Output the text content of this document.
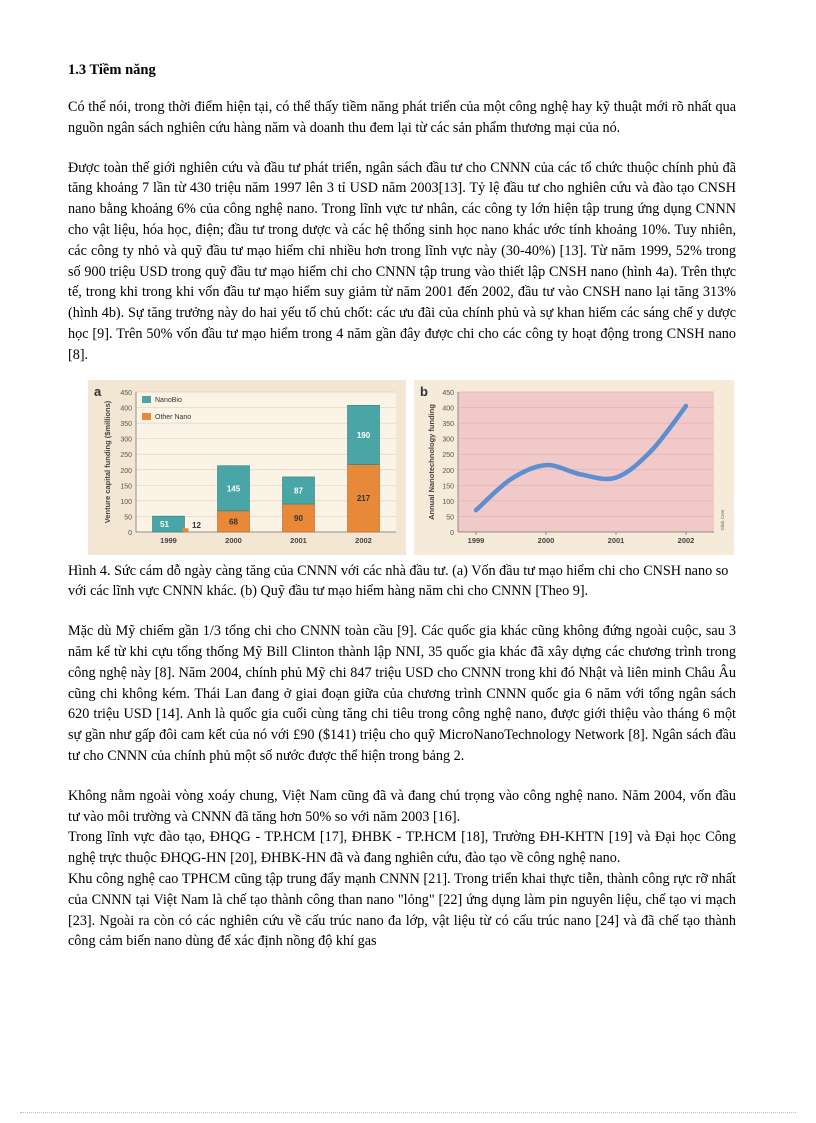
1.3 Tiềm năng

Có thể nói, trong thời điểm hiện tại, có thể thấy tiềm năng phát triển của một công nghệ hay kỹ thuật mới rõ nhất qua nguồn ngân sách nghiên cứu hàng năm và doanh thu đem lại từ các sản phẩm thương mại của nó.

Được toàn thế giới nghiên cứu và đầu tư phát triển, ngân sách đầu tư cho CNNN của các tổ chức thuộc chính phủ đã tăng khoảng 7 lần từ 430 triệu năm 1997 lên 3 tỉ USD năm 2003[13]. Tỷ lệ đầu tư cho nghiên cứu và đào tạo CNSH nano bằng khoảng 6% của công nghệ nano. Trong lĩnh vực tư nhân, các công ty lớn hiện tập trung ứng dụng CNNN cho vật liệu, hóa học, điện; đầu tư trong dược và các hệ thống sinh học nano khác ước tính khoảng 10%. Tuy nhiên, các công ty nhỏ và quỹ đầu tư mạo hiểm chi nhiều hơn trong lĩnh vực này (30-40%) [13]. Từ năm 1999, 52% trong số 900 triệu USD trong quỹ đầu tư mạo hiểm chi cho CNNN tập trung vào thiết lập CNSH nano (hình 4a). Trên thực tế, trong khi trong khi vốn đầu tư mạo hiểm suy giảm từ năm 2001 đến 2002, đầu tư vào CNSH nano lại tăng 313% (hình 4b). Sự tăng trưởng này do hai yếu tố chủ chốt: các ưu đãi của chính phủ và sự khan hiếm các sáng chế y dược học [9]. Trên 50% vốn đầu tư mạo hiểm trong 4 năm gần đây được chi cho các công ty hoạt động trong CNSH nano [8].

a
0
50
100
150
200
250
300
350
400
450
Venture capital funding ($millions)
51	12
1999
68
145
2000
90
87
2001
217
190
2002
NanoBio
Other Nano
b
0
50
100
150
200
250
300
350
400
450
Annual Nanotechnology funding
1999	2000	2001	2002
Glick Cree
Hình 4. Sức cám dỗ ngày càng tăng của CNNN với các nhà đầu tư. (a) Vốn đầu tư mạo hiểm chi cho CNSH nano so với các lĩnh vực CNNN khác. (b) Quỹ đầu tư mạo hiểm hàng năm chi cho CNNN [Theo 9].

Mặc dù Mỹ chiếm gần 1/3 tổng chi cho CNNN toàn cầu [9]. Các quốc gia khác cũng không đứng ngoài cuộc, sau 3 năm kể từ khi cựu tổng thống Mỹ Bill Clinton thành lập NNI, 35 quốc gia khác đã xây dựng các chương trình trong công nghệ này [8]. Năm 2004, chính phủ Mỹ chi 847 triệu USD cho CNNN trong khi đó Nhật và liên minh Châu Âu cũng chi không kém. Thái Lan đang ở giai đoạn giữa của chương trình CNNN quốc gia 6 năm với tổng ngân sách 620 triệu USD [14]. Anh là quốc gia cuối cùng tăng chi tiêu trong công nghệ nano, được giới thiệu vào tháng 6 một sự gần như gấp đôi cam kết của nó với £90 ($141) triệu cho quỹ MicroNanoTechnology Network [8]. Ngân sách đầu tư cho CNNN của chính phủ một số nước được thể hiện trong bảng 2.

Không nằm ngoài vòng xoáy chung, Việt Nam cũng đã và đang chú trọng vào công nghệ nano. Năm 2004, vốn đầu tư vào môi trường và CNNN đã tăng hơn 50% so với năm 2003 [16].

Trong lĩnh vực đào tạo, ĐHQG - TP.HCM [17], ĐHBK - TP.HCM [18], Trường ĐH-KHTN [19] và Đại học Công nghệ trực thuộc ĐHQG-HN [20], ĐHBK-HN đã và đang nghiên cứu, đào tạo về công nghệ nano.

Khu công nghệ cao TPHCM cũng tập trung đẩy mạnh CNNN [21]. Trong triển khai thực tiễn, thành công rực rỡ nhất của CNNN tại Việt Nam là chế tạo thành công than nano "lỏng" [22] ứng dụng làm pin nguyên liệu, chế tạo vi mạch [23]. Ngoài ra còn có các nghiên cứu về cấu trúc nano đa lớp, vật liệu từ có cấu trúc nano [24] và đã chế tạo thành công cảm biến nano dùng để xác định nồng độ khí gas
